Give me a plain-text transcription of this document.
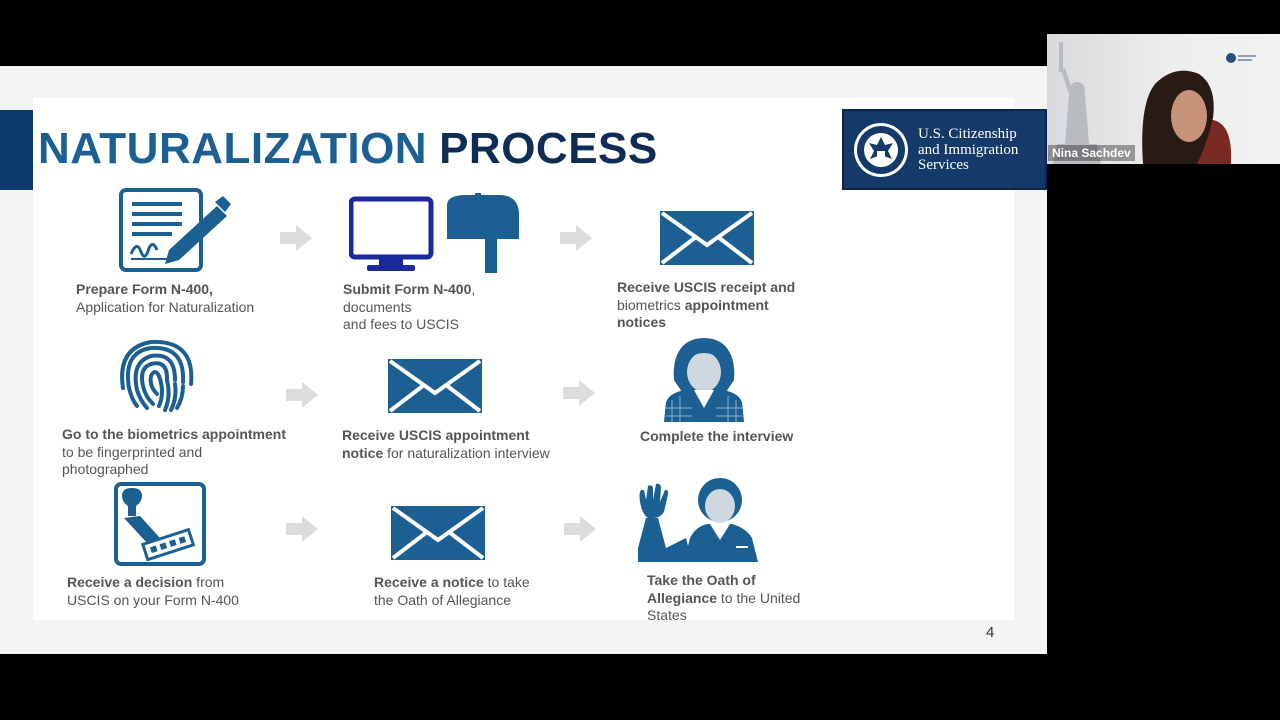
NATURALIZATION PROCESS	U.S. Citizenship
and Immigration
Services
Prepare Form N-400,
Application for Naturalization
Submit Form N-400,
documents
and fees to USCIS
Receive USCIS receipt and
biometrics appointment
notices
Go to the biometrics appointment
to be fingerprinted and
photographed
Receive USCIS appointment
notice for naturalization interview
Complete the interview
Receive a decision from
USCIS on your Form N-400
Receive a notice to take
the Oath of Allegiance
Take the Oath of
Allegiance to the United
States
4
Nina Sachdev
